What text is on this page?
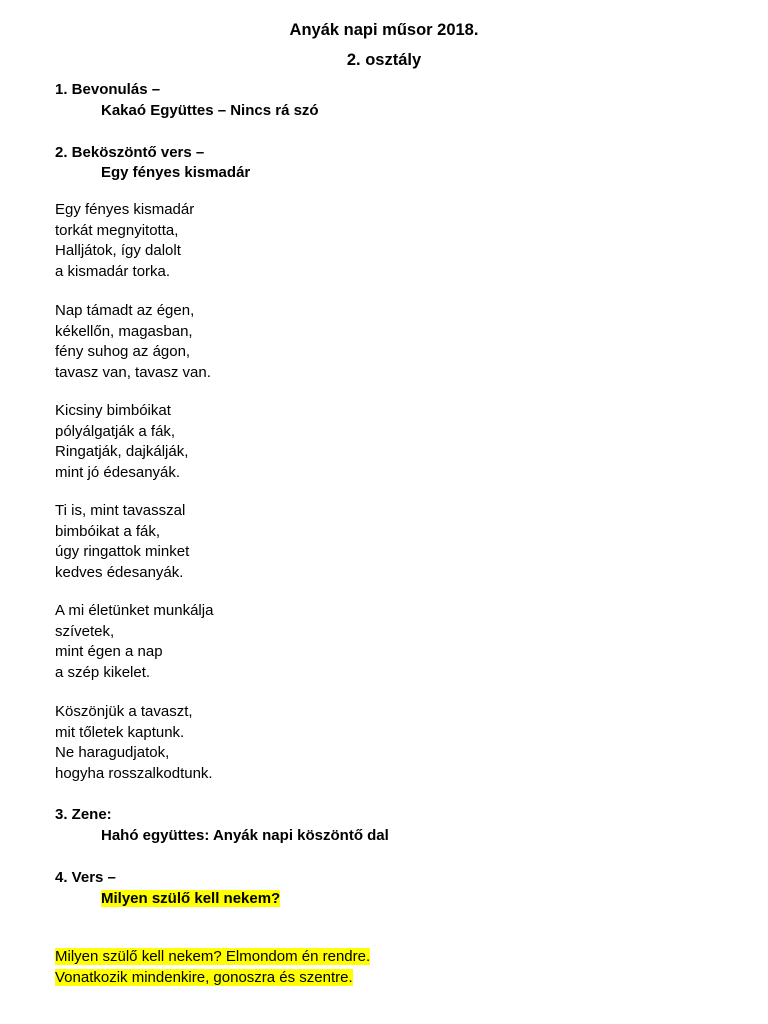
Anyák napi műsor 2018.
2. osztály
1. Bevonulás –
Kakaó Együttes – Nincs rá szó
2. Beköszöntő vers –
Egy fényes kismadár
Egy fényes kismadár
torkát megnyitotta,
Halljátok, így dalolt
a kismadár torka.
Nap támadt az égen,
kékellőn, magasban,
fény suhog az ágon,
tavasz van, tavasz van.
Kicsiny bimbóikat
pólyálgatják a fák,
Ringatják, dajkálják,
mint jó édesanyák.
Ti is, mint tavasszal
bimbóikat a fák,
úgy ringattok minket
kedves édesanyák.
A mi életünket munkálja
szívetek,
mint égen a nap
a szép kikelet.
Köszönjük a tavaszt,
mit tőletek kaptunk.
Ne haragudjatok,
hogyha rosszalkodtunk.
3. Zene:
Hahó együttes: Anyák napi köszöntő dal
4. Vers –
Milyen szülő kell nekem?
Milyen szülő kell nekem? Elmondom én rendre.
Vonatkozik mindenkire, gonoszra és szentre.
